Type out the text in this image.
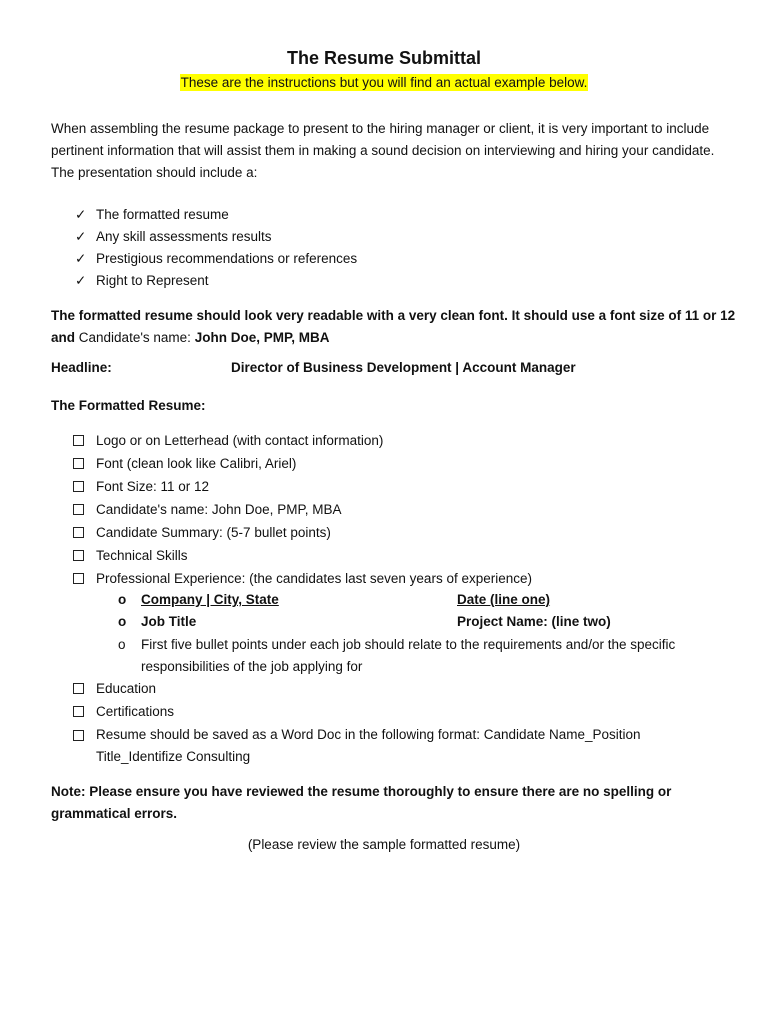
The Resume Submittal
These are the instructions but you will find an actual example below.

When assembling the resume package to present to the hiring manager or client, it is very important to include pertinent information that will assist them in making a sound decision on interviewing and hiring your candidate. The presentation should include a:

✓ The formatted resume
✓ Any skill assessments results
✓ Prestigious recommendations or references
✓ Right to Represent

The formatted resume should look very readable with a very clean font. It should use a font size of 11 or 12 and Candidate's name: John Doe, PMP, MBA

Headline:	Director of Business Development | Account Manager
The Formatted Resume:
Logo or on Letterhead (with contact information)
Font (clean look like Calibri, Ariel)
Font Size: 11 or 12
Candidate's name: John Doe, PMP, MBA
Candidate Summary: (5-7 bullet points)
Technical Skills
Professional Experience: (the candidates last seven years of experience)
o Company | City, State	Date (line one)
o Job Title	Project Name: (line two)
o First five bullet points under each job should relate to the requirements and/or the specific responsibilities of the job applying for
Education
Certifications
Resume should be saved as a Word Doc in the following format: Candidate Name_Position Title_Identifize Consulting

Note: Please ensure you have reviewed the resume thoroughly to ensure there are no spelling or grammatical errors.

(Please review the sample formatted resume)
